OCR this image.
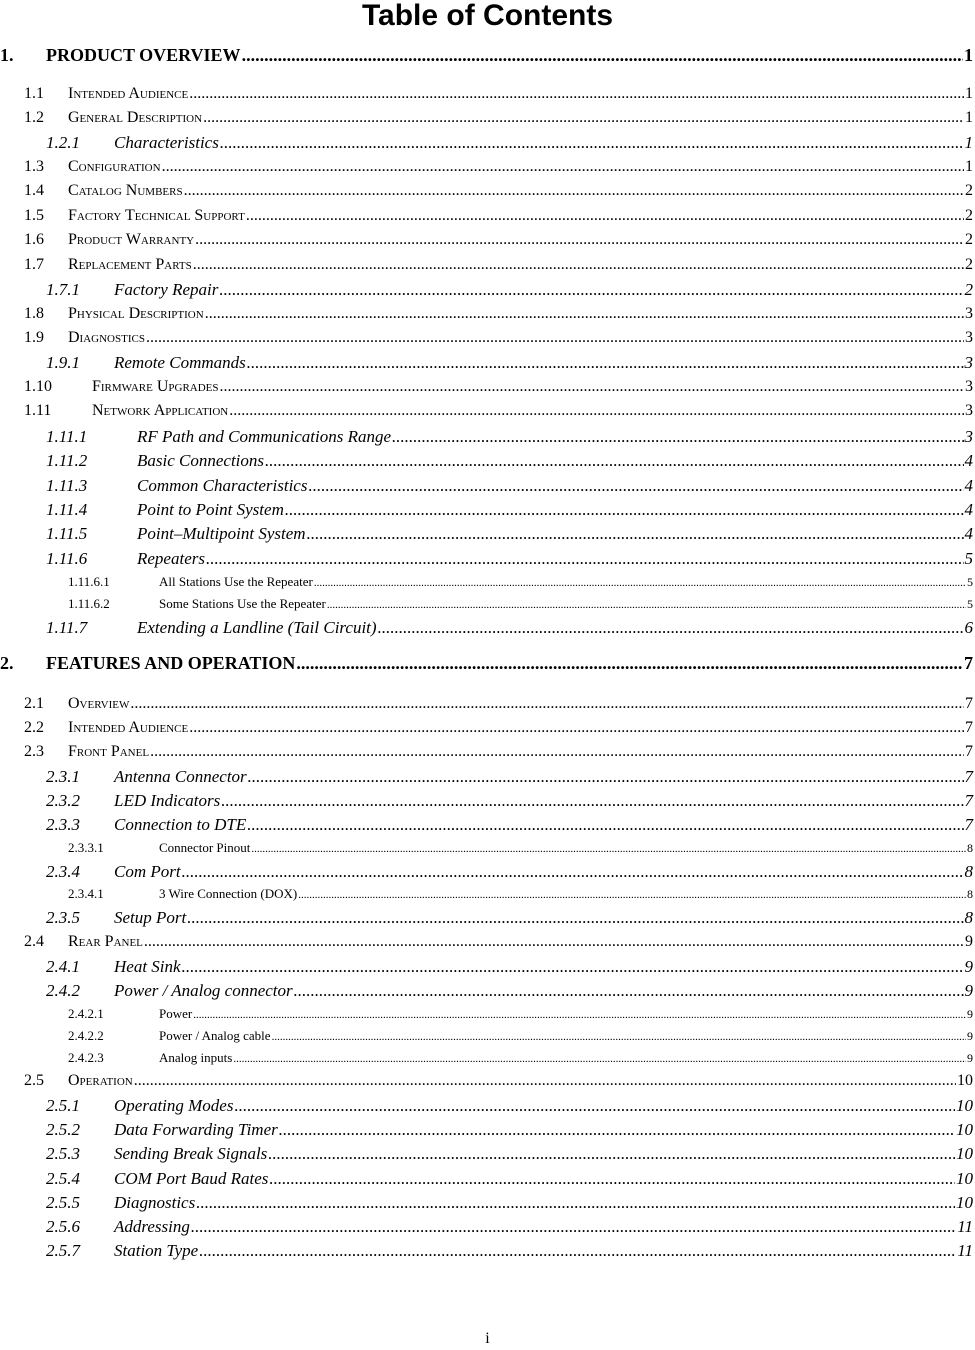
Table of Contents
1.	PRODUCT OVERVIEW .....	1
1.1	Intended Audience .....	1
1.2	General Description .....	1
1.2.1	Characteristics .....	1
1.3	Configuration .....	1
1.4	Catalog Numbers .....	2
1.5	Factory Technical Support .....	2
1.6	Product Warranty .....	2
1.7	Replacement Parts .....	2
1.7.1	Factory Repair .....	2
1.8	Physical Description .....	3
1.9	Diagnostics .....	3
1.9.1	Remote Commands .....	3
1.10	Firmware Upgrades .....	3
1.11	Network Application .....	3
1.11.1	RF Path and Communications Range .....	3
1.11.2	Basic Connections .....	4
1.11.3	Common Characteristics .....	4
1.11.4	Point to Point System .....	4
1.11.5	Point–Multipoint System .....	4
1.11.6	Repeaters .....	5
1.11.6.1	All Stations Use the Repeater .....	5
1.11.6.2	Some Stations Use the Repeater .....	5
1.11.7	Extending a Landline (Tail Circuit) .....	6
2.	FEATURES AND OPERATION .....	7
2.1	Overview .....	7
2.2	Intended Audience .....	7
2.3	Front Panel .....	7
2.3.1	Antenna Connector .....	7
2.3.2	LED Indicators .....	7
2.3.3	Connection to DTE .....	7
2.3.3.1	Connector Pinout .....	8
2.3.4	Com Port .....	8
2.3.4.1	3 Wire Connection (DOX) .....	8
2.3.5	Setup Port .....	8
2.4	Rear Panel .....	9
2.4.1	Heat Sink .....	9
2.4.2	Power / Analog connector .....	9
2.4.2.1	Power .....	9
2.4.2.2	Power / Analog cable .....	9
2.4.2.3	Analog inputs .....	9
2.5	Operation .....	10
2.5.1	Operating Modes .....	10
2.5.2	Data Forwarding Timer .....	10
2.5.3	Sending Break Signals .....	10
2.5.4	COM Port Baud Rates .....	10
2.5.5	Diagnostics .....	10
2.5.6	Addressing .....	11
2.5.7	Station Type .....	11
i
